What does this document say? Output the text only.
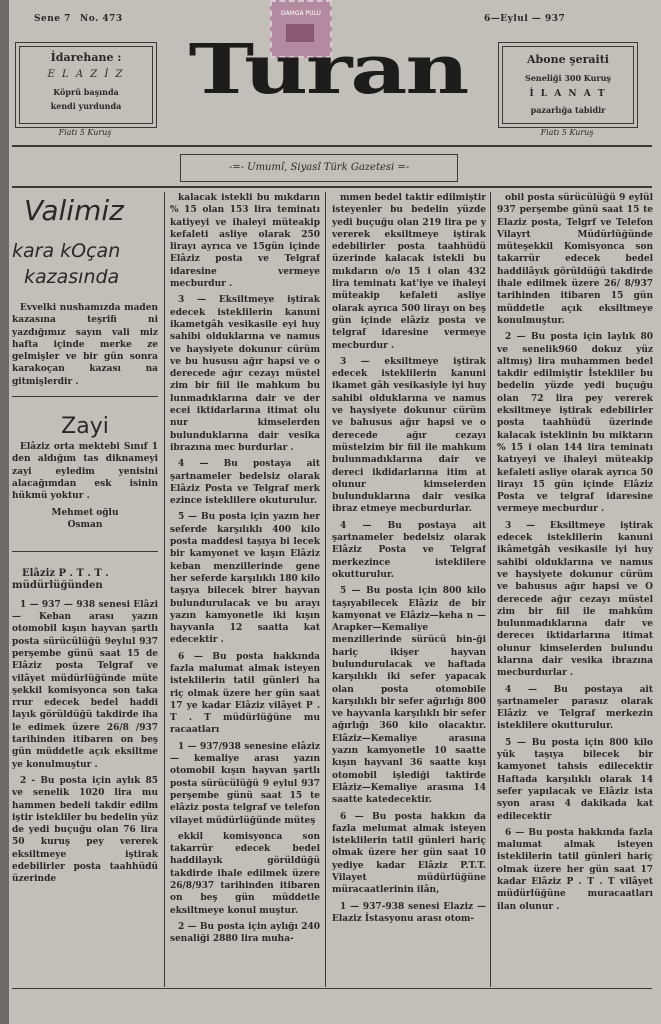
Sene 7 No. 473	6—Eylul — 937
DAMGA PULU
İdarehane :
E L A Z İ Z
Köprü başında
kendi yurdunda
Fiatı 5 Kuruş
Turan	Abone şeraiti
Seneliği 300 Kuruş
İ L A N A T
pazarlığa tabidir
Fiatı 5 Kuruş
-=- Umumî, Siyasî Türk Gazetesi =-
Valimiz
kara kOçan
kazasında

Evvelki nushamızda maden kazasına teşrifi ni yazdığımız sayın vali miz hafta içinde merke ze gelmişler ve bir gün sonra karakoçan kazası na gitmişlerdir .

Zayi

Elâziz orta mektebi Sınıf 1 den aldığım tas diknameyi zayi eyledim yenisini alacağımdan esk isinin hükmü yoktur .

Mehmet oğlu
Osman
Elâziz P . T . T .
müdürlüğünden

1 — 937 — 938 senesi Elâzi — Keban arası yazın otomobil kışın hayvan şartlı posta sürücülüğü 9eylul 937 perşembe günü saat 15 de Elâziz posta Telgraf ve vilâyet müdürlüğünde müte şekkil komisyonca son taka rrur edecek bedel haddi layık görüldüğü takdirde iha le edimek üzere 26/8 /937 tarihinden itibaren on beş gün müddetle açık eksiltme ye konulmuştur .

2 - Bu posta için aylık 85 ve senelik 1020 lira mu hammen bedeli takdir edilm iştir istekliler bu bedelin yüz de yedi buçuğu olan 76 lira 50 kuruş pey vererek eksiltmeye iştirak edebilirler posta taahhüdü üzerinde

kalacak istekli bu mıkdarın % 15 olan 153 lira teminatı katiyeyi ve ihaleyi müteakip kefaleti asliye olarak 250 lirayı ayrıca ve 15gün içinde Elâziz posta ve Telgraf idaresine vermeye mecburdur .

3 — Eksiltmeye iştirak edecek isteklilerin kanuni ikametgâh vesikasile eyi huy sahibi olduklarına ve namus ve haysiyete dokunur cürüm ve bu hususu ağır hapsi ve o derecede ağır cezayı müstel zim bir fiil ile mahkum bu lunmadıklarına dair ve der ecei iktidarlarına itimat olu nur kimselerden bulunduklarına dair vesika ibrazına mec burdurlar .

4 — Bu postaya ait şartnameler bedelsiz olarak Elâziz Posta ve Telgraf merk ezince isteklilere okuturulur.

5 — Bu posta için yazın her seferde karşılıklı 400 kilo posta maddesi taşıya bi lecek bir kamyonet ve kışın Elâziz keban menzillerinde gene her seferde karşılıklı 180 kilo taşıya bilecek birer hayvan bulundurulacak ve bu arayı yazın kamyonetle iki kışın hayvanla 12 saatta kat edecektir .

6 — Bu posta hakkında fazla malumat almak isteyen isteklilerin tatil günleri ha riç olmak üzere her gün saat 17 ye kadar Elâziz vilâyet P . T . T müdürlüğüne mu racaatları

1 — 937/938 senesine elâziz — kemaliye arası yazın otomobil kışın hayvan şartlı posta sürücülüğü 9 eylul 937 perşembe günü saat 15 te elâziz posta telgraf ve telefon vilayet müdürlüğünde müteş

ekkil komisyonca son takarrür edecek bedel haddilayık görüldüğü takdirde ihale edilmek üzere 26/8/937 tarihinden itibaren on beş gün müddetle eksiltmeye konul muştur.

2 — Bu posta için aylığı 240 senaliği 2880 lira muha-

mmen bedel taktir edilmiştir isteyenler bu bedelin yüzde yedi buçuğu olan 219 lira pe y vererek eksiltmeye iştirak edebilirler posta taahhüdü üzerinde kalacak istekli bu mıkdarın o/o 15 i olan 432 lira teminatı kat'iye ve ihaleyi müteakip kefaleti asliye olarak ayrıca 500 lirayı on beş gün içinde elâziz posta ve telgraf idaresine vermeye mecburdur .

3 — eksiltmeye iştirak edecek isteklilerin kanuni ikamet gâh vesikasiyle iyi huy sahibi olduklarına ve namus ve haysiyete dokunur cürüm ve bahusus ağır hapsi ve o derecede ağır cezayı müstelzim bir fiil ile mahkum bulunmadıklarına dair ve dereci ikdidarlarına itim at olunur kimselerden bulunduklarına dair vesika ibraz etmeye mecburdurlar.

4 — Bu postaya ait şartnameler bedelsiz olarak Elâziz Posta ve Telgraf merkezince isteklilere okutturulur.

5 — Bu posta için 800 kilo taşıyabilecek Elâziz de bir kamyonat ve Elâziz—keha n —Arapker—Kemaliye menzillerinde sürücü bin-ği hariç ikişer hayvan bulundurulacak ve haftada karşılıklı iki sefer yapacak olan posta otomobile karşılıklı bir sefer ağırlığı 800 ve hayvanla karşılıklı bir sefer ağırlığı 360 kilo olacaktır. Elâziz—Kemaliye arasına yazın kamyonetle 10 saatte kışın hayvanl 36 saatte kışı otomobil işlediği taktirde Elâziz—Kemaliye arasına 14 saatte katedecektir.

6 — Bu posta hakkın da fazla melumat almak isteyen isteklilerin tatil günleri hariç olmak üzere her gün saat 10 yediye kadar Elâziz P.T.T. Vilayet müdürlüğüne müracaatlerinin ilân,

1 — 937-938 senesi Elaziz —Elaziz İstasyonu arası otom-

obil posta sürücülüğü 9 eylül 937 perşembe günü saat 15 te Elaziz posta, Telgrf ve Telefon Vilayrt Müdürlüğünde müteşekkil Komisyonca son takarrür edecek bedel haddilâyık görüldüğü takdirde ihale edilmek üzere 26/ 8/937 tarihinden itibaren 15 gün müddetle açık eksiltmeye konulmuştur.

2 — Bu posta için laylık 80 ve senelik960 dokuz yüz altmış) lira muhammen bedel takdir edilmiştir İstekliler bu bedelin yüzde yedi buçuğu olan 72 lira pey vererek eksiltmeye iştirak edebilirler posta taahhüdü üzerinde kalacak isteklinin bu miktarın % 15 i olan 144 lira teminatı katıyeyi ve ihaleyi müteakip kefaleti asliye olarak ayrıca 50 lirayı 15 gün içinde Elâziz Posta ve telgraf idaresine vermeye mecburdur .

3 — Eksiltmeye iştirak edecek isteklilerin kanuni ikâmetgâh vesikasile iyi huy sahibi olduklarına ve namus ve haysiyete dokunur cürüm ve bahusus ağır hapsi ve O derecede ağır cezayı müstel zim bir fiil ile mahkûm bulunmadıklarına dair ve dereceı iktidarlarına itimat olunur kimselerden bulundu klarına dair vesika ibrazına mecburdurlar .

4 — Bu postaya ait şartnameler parasız olarak Elâziz ve Telgraf merkezin isteklilere okutturulur.

5 — Bu posta için 800 kilo yük taşıya bilecek bir kamyonet tahsis edilecektir Haftada karşılıklı olarak 14 sefer yapılacak ve Elâziz ista syon arası 4 dakikada kat edilecektir

6 — Bu posta hakkında fazla malumat almak isteyen isteklilerin tatil günleri hariç olmak üzere her gün saat 17 kadar Elâziz P . T . T vilâyet müdürlüğüne muracaatları ilan olunur .
